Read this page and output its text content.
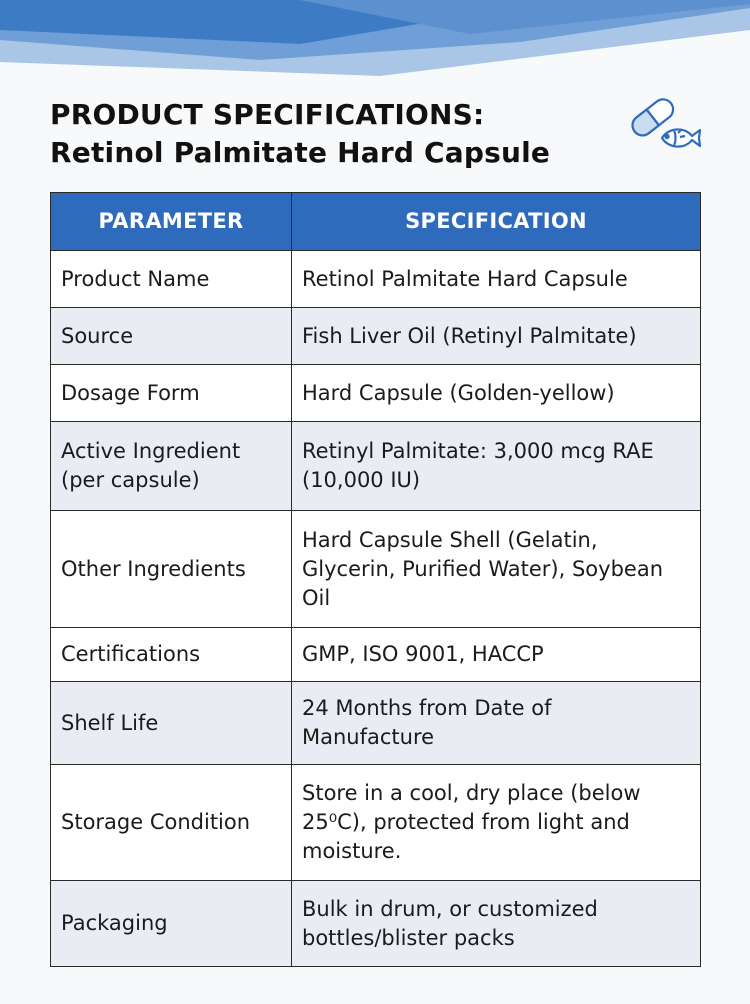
PRODUCT SPECIFICATIONS:
Retinol Palmitate Hard Capsule
PARAMETER	SPECIFICATION
Product Name	Retinol Palmitate Hard Capsule
Source	Fish Liver Oil (Retinyl Palmitate)
Dosage Form	Hard Capsule (Golden-yellow)
Active Ingredient (per capsule)	Retinyl Palmitate: 3,000 mcg RAE (10,000 IU)
Other Ingredients	Hard Capsule Shell (Gelatin, Glycerin, Purified Water), Soybean Oil
Certifications	GMP, ISO 9001, HACCP
Shelf Life	24 Months from Date of Manufacture
Storage Condition	Store in a cool, dry place (below 25⁰C), protected from light and moisture.
Packaging	Bulk in drum, or customized bottles/blister packs
